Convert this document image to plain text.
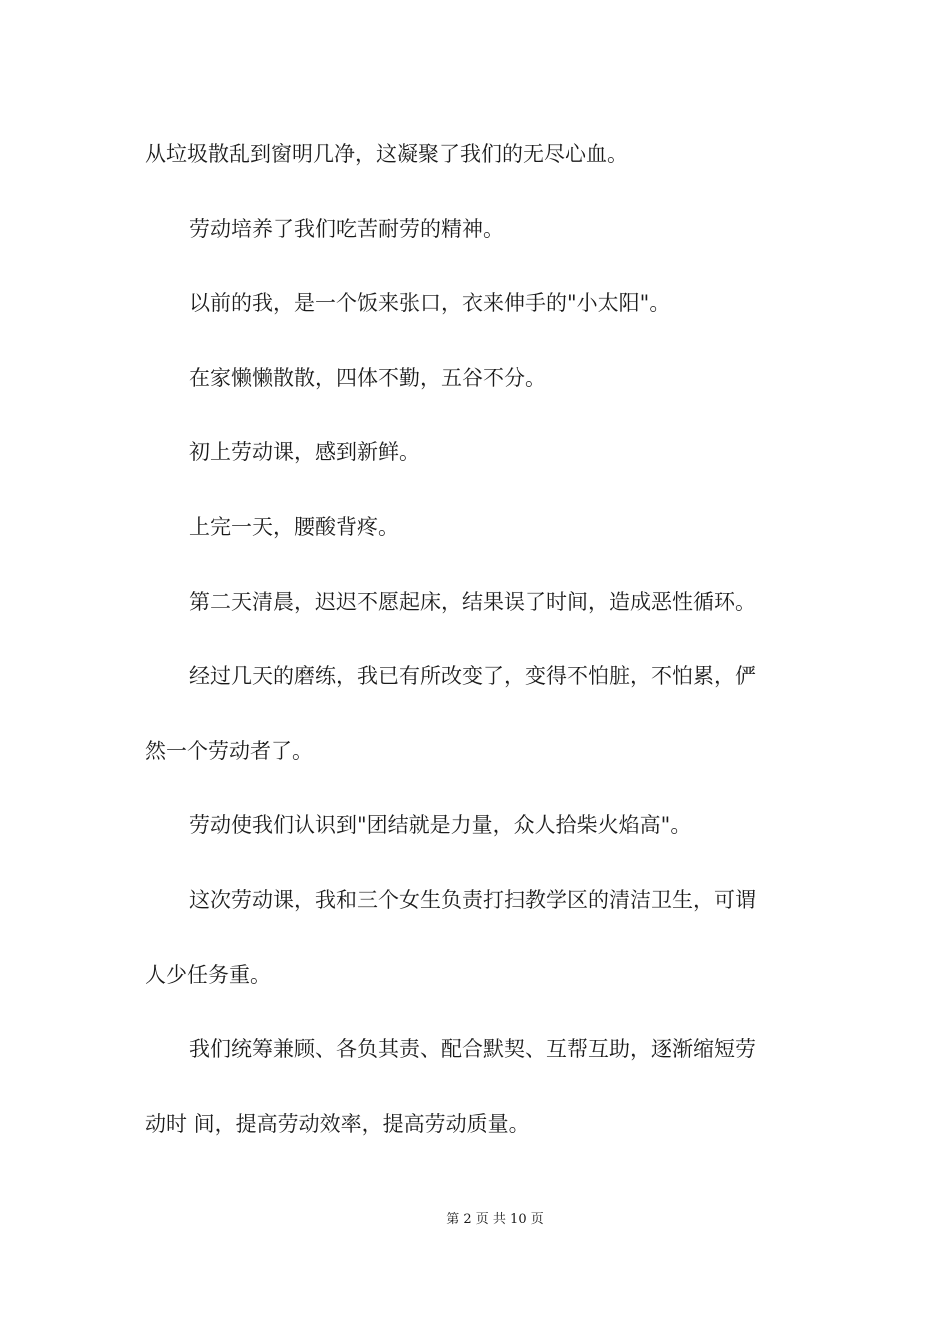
从垃圾散乱到窗明几净，这凝聚了我们的无尽心血。
劳动培养了我们吃苦耐劳的精神。
以前的我，是一个饭来张口，衣来伸手的"小太阳"。
在家懒懒散散，四体不勤，五谷不分。
初上劳动课，感到新鲜。
上完一天，腰酸背疼。
第二天清晨，迟迟不愿起床，结果误了时间，造成恶性循环。
经过几天的磨练，我已有所改变了，变得不怕脏，不怕累，俨
然一个劳动者了。
劳动使我们认识到"团结就是力量，众人拾柴火焰高"。
这次劳动课，我和三个女生负责打扫教学区的清洁卫生，可谓
人少任务重。
我们统筹兼顾、各负其责、配合默契、互帮互助，逐渐缩短劳
动时 间，提高劳动效率，提高劳动质量。
第 2 页 共 10 页
